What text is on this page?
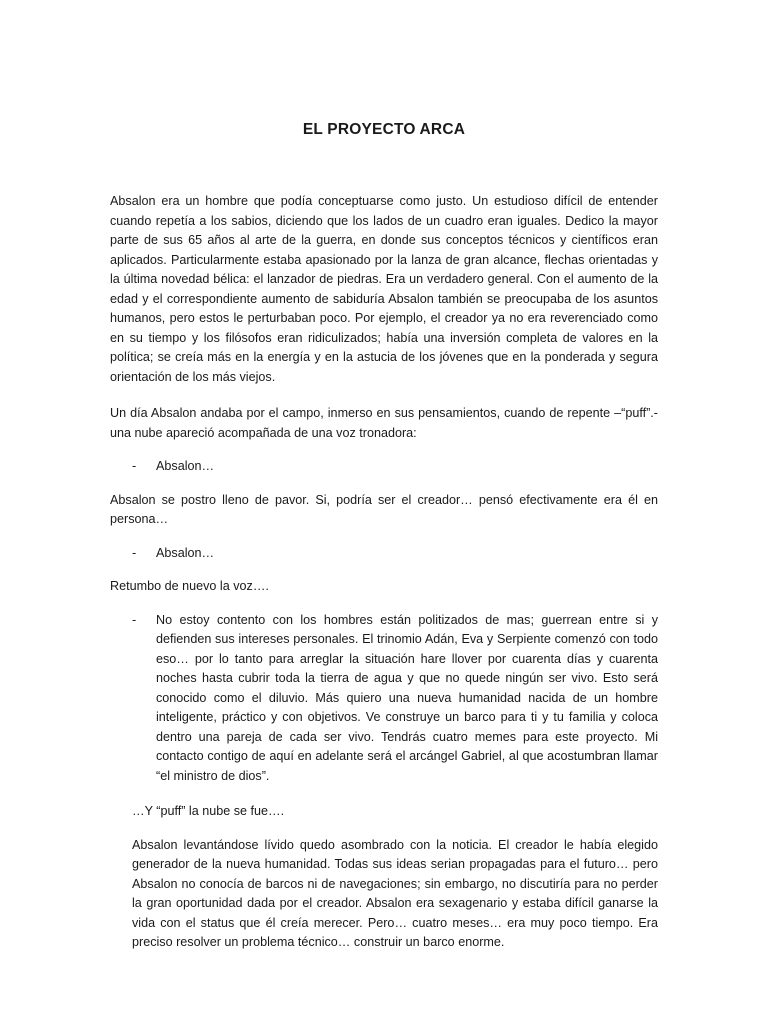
EL PROYECTO ARCA

Absalon era un hombre que podía conceptuarse como justo. Un estudioso difícil de entender cuando repetía a los sabios, diciendo que los lados de un cuadro eran iguales. Dedico la mayor parte de sus 65 años al arte de la guerra, en donde sus conceptos técnicos y científicos eran aplicados. Particularmente estaba apasionado por la lanza de gran alcance, flechas orientadas y la última novedad bélica: el lanzador de piedras. Era un verdadero general. Con el aumento de la edad y el correspondiente aumento de sabiduría Absalon también se preocupaba de los asuntos humanos, pero estos le perturbaban poco. Por ejemplo, el creador ya no era reverenciado como en su tiempo y los filósofos eran ridiculizados; había una inversión completa de valores en la política; se creía más en la energía y en la astucia de los jóvenes que en la ponderada y segura orientación de los más viejos.

Un día Absalon andaba por el campo, inmerso en sus pensamientos, cuando de repente –“puff”.-una nube apareció acompañada de una voz tronadora:

- Absalon…

Absalon se postro lleno de pavor. Si, podría ser el creador… pensó efectivamente era él en persona…

- Absalon…

Retumbo de nuevo la voz….

- No estoy contento con los hombres están politizados de mas; guerrean entre si y defienden sus intereses personales. El trinomio Adán, Eva y Serpiente comenzó con todo eso… por lo tanto para arreglar la situación hare llover por cuarenta días y cuarenta noches hasta cubrir toda la tierra de agua y que no quede ningún ser vivo. Esto será conocido como el diluvio. Más quiero una nueva humanidad nacida de un hombre inteligente, práctico y con objetivos. Ve construye un barco para ti y tu familia y coloca dentro una pareja de cada ser vivo. Tendrás cuatro memes para este proyecto. Mi contacto contigo de aquí en adelante será el arcángel Gabriel, al que acostumbran llamar “el ministro de dios”.

…Y “puff” la nube se fue….

Absalon levantándose lívido quedo asombrado con la noticia. El creador le había elegido generador de la nueva humanidad. Todas sus ideas serian propagadas para el futuro… pero Absalon no conocía de barcos ni de navegaciones; sin embargo, no discutiría para no perder la gran oportunidad dada por el creador. Absalon era sexagenario y estaba difícil ganarse la vida con el status que él creía merecer. Pero… cuatro meses… era muy poco tiempo. Era preciso resolver un problema técnico… construir un barco enorme.
